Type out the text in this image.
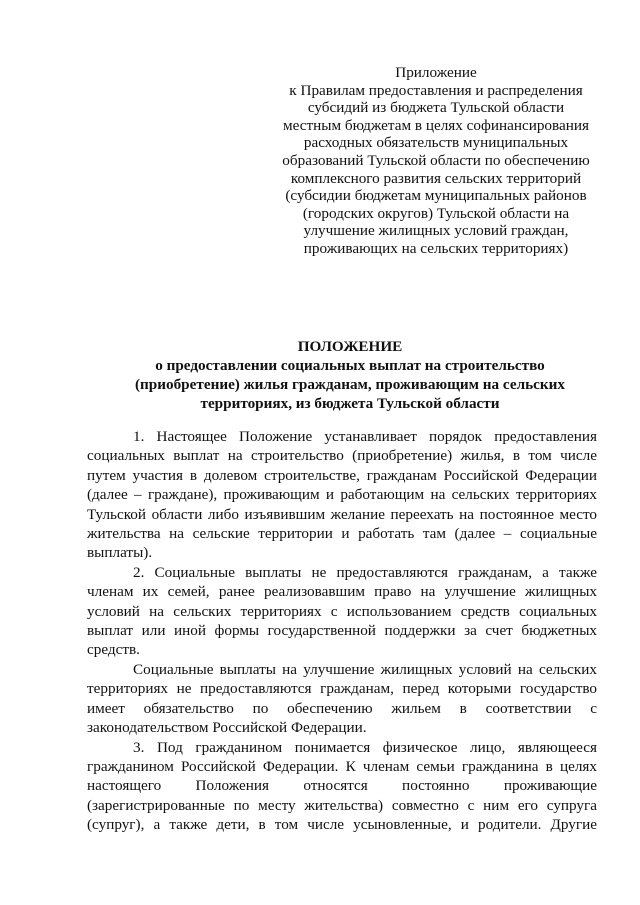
Приложение
к Правилам предоставления и распределения
субсидий из бюджета Тульской области
местным бюджетам в целях софинансирования
расходных обязательств муниципальных
образований Тульской области по обеспечению
комплексного развития сельских территорий
(субсидии бюджетам муниципальных районов
(городских округов) Тульской области на
улучшение жилищных условий граждан,
проживающих на сельских территориях)
ПОЛОЖЕНИЕ
о предоставлении социальных выплат на строительство
(приобретение) жилья гражданам, проживающим на сельских
территориях, из бюджета Тульской области

1. Настоящее Положение устанавливает порядок предоставления социальных выплат на строительство (приобретение) жилья, в том числе путем участия в долевом строительстве, гражданам Российской Федерации (далее – граждане), проживающим и работающим на сельских территориях Тульской области либо изъявившим желание переехать на постоянное место жительства на сельские территории и работать там (далее – социальные выплаты).

2. Социальные выплаты не предоставляются гражданам, а также членам их семей, ранее реализовавшим право на улучшение жилищных условий на сельских территориях с использованием средств социальных выплат или иной формы государственной поддержки за счет бюджетных средств.

Социальные выплаты на улучшение жилищных условий на сельских территориях не предоставляются гражданам, перед которыми государство имеет обязательство по обеспечению жильем в соответствии с законодательством Российской Федерации.

3. Под гражданином понимается физическое лицо, являющееся гражданином Российской Федерации. К членам семьи гражданина в целях настоящего Положения относятся постоянно проживающие (зарегистрированные по месту жительства) совместно с ним его супруга (супруг), а также дети, в том числе усыновленные, и родители. Другие
